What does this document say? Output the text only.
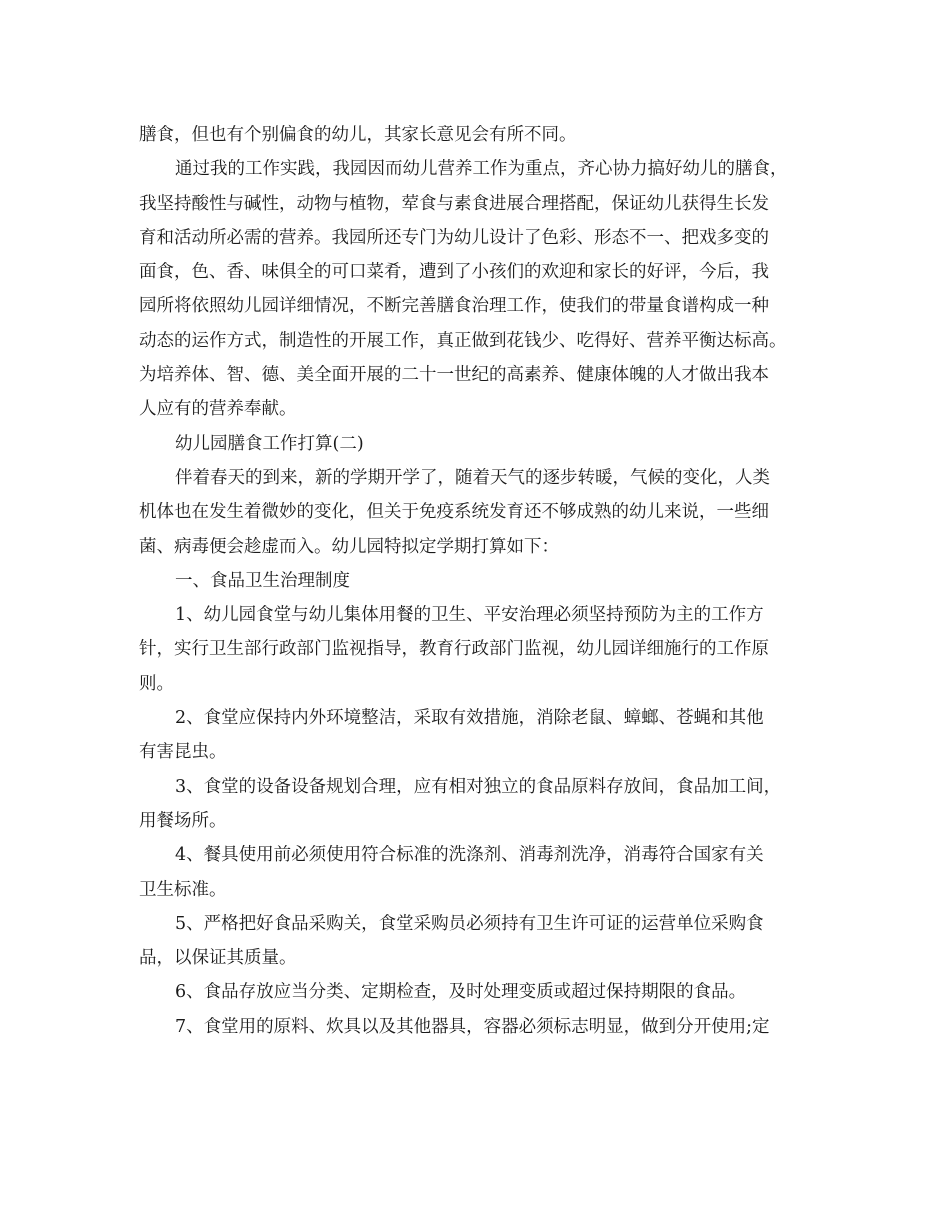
膳食，但也有个别偏食的幼儿，其家长意见会有所不同。
通过我的工作实践，我园因而幼儿营养工作为重点，齐心协力搞好幼儿的膳食，
我坚持酸性与碱性，动物与植物，荤食与素食进展合理搭配，保证幼儿获得生长发
育和活动所必需的营养。我园所还专门为幼儿设计了色彩、形态不一、把戏多变的
面食，色、香、味俱全的可口菜肴，遭到了小孩们的欢迎和家长的好评，今后，我
园所将依照幼儿园详细情况，不断完善膳食治理工作，使我们的带量食谱构成一种
动态的运作方式，制造性的开展工作，真正做到花钱少、吃得好、营养平衡达标高。
为培养体、智、德、美全面开展的二十一世纪的高素养、健康体魄的人才做出我本
人应有的营养奉献。
幼儿园膳食工作打算(二)
伴着春天的到来，新的学期开学了，随着天气的逐步转暖，气候的变化，人类
机体也在发生着微妙的变化，但关于免疫系统发育还不够成熟的幼儿来说，一些细
菌、病毒便会趁虚而入。幼儿园特拟定学期打算如下：
一、食品卫生治理制度
1、幼儿园食堂与幼儿集体用餐的卫生、平安治理必须坚持预防为主的工作方
针，实行卫生部行政部门监视指导，教育行政部门监视，幼儿园详细施行的工作原
则。
2、食堂应保持内外环境整洁，采取有效措施，消除老鼠、蟑螂、苍蝇和其他
有害昆虫。
3、食堂的设备设备规划合理，应有相对独立的食品原料存放间，食品加工间，
用餐场所。
4、餐具使用前必须使用符合标准的洗涤剂、消毒剂洗净，消毒符合国家有关
卫生标准。
5、严格把好食品采购关，食堂采购员必须持有卫生许可证的运营单位采购食
品，以保证其质量。
6、食品存放应当分类、定期检查，及时处理变质或超过保持期限的食品。
7、食堂用的原料、炊具以及其他器具，容器必须标志明显，做到分开使用;定
